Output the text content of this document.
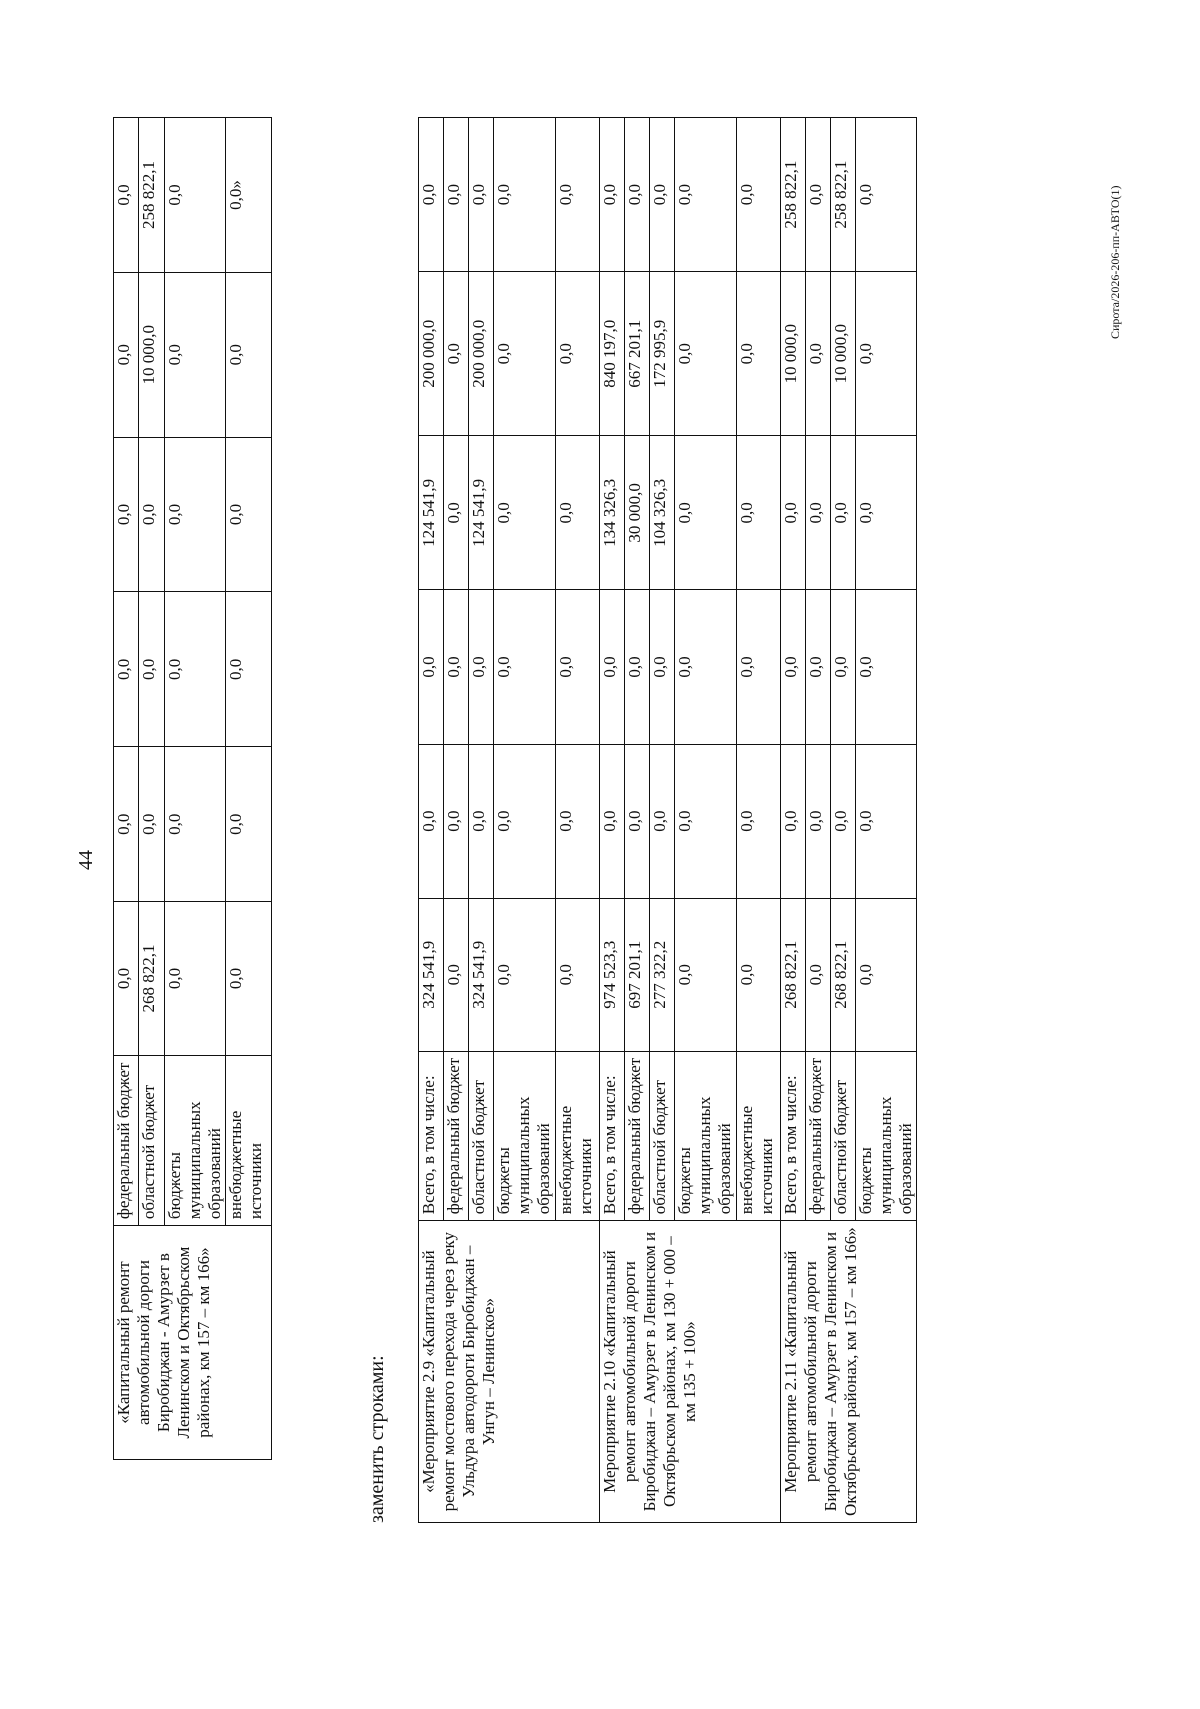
44
«Капитальный ремонт автомобильной дороги Биробиджан - Амурзет в Ленинском и Октябрьском районах, км 157 – км 166»	федеральный бюджет	0,0	0,0	0,0	0,0	0,0	0,0
	областной бюджет	268 822,1	0,0	0,0	0,0	10 000,0	258 822,1
	бюджеты муниципальных образований	0,0	0,0	0,0	0,0	0,0	0,0
	внебюджетные источники	0,0	0,0	0,0	0,0	0,0	0,0»
заменить строками: «Мероприятие 2.9 «Капитальный ремонт мостового перехода через реку Ульдура автодороги Биробиджан – Унгун – Ленинское»	Всего, в том числе:	324 541,9	0,0	0,0	124 541,9	200 000,0	0,0
	федеральный бюджет	0,0	0,0	0,0	0,0	0,0	0,0
	областной бюджет	324 541,9	0,0	0,0	124 541,9	200 000,0	0,0
	бюджеты муниципальных образований	0,0	0,0	0,0	0,0	0,0	0,0
	внебюджетные источники	0,0	0,0	0,0	0,0	0,0	0,0
Мероприятие 2.10 «Капитальный ремонт автомобильной дороги Биробиджан – Амурзет в Ленинском и Октябрьском районах, км 130 + 000 – км 135 + 100»	Всего, в том числе:	974 523,3	0,0	0,0	134 326,3	840 197,0	0,0
	федеральный бюджет	697 201,1	0,0	0,0	30 000,0	667 201,1	0,0
	областной бюджет	277 322,2	0,0	0,0	104 326,3	172 995,9	0,0
	бюджеты муниципальных образований	0,0	0,0	0,0	0,0	0,0	0,0
	внебюджетные источники	0,0	0,0	0,0	0,0	0,0	0,0
Мероприятие 2.11 «Капитальный ремонт автомобильной дороги Биробиджан – Амурзет в Ленинском и Октябрьском районах, км 157 – км 166»	Всего, в том числе:	268 822,1	0,0	0,0	0,0	10 000,0	258 822,1
	федеральный бюджет	0,0	0,0	0,0	0,0	0,0	0,0
	областной бюджет	268 822,1	0,0	0,0	0,0	10 000,0	258 822,1
	бюджеты муниципальных образований	0,0	0,0	0,0	0,0	0,0	0,0	Сирота/2026-206-пп-АВТО(1)
